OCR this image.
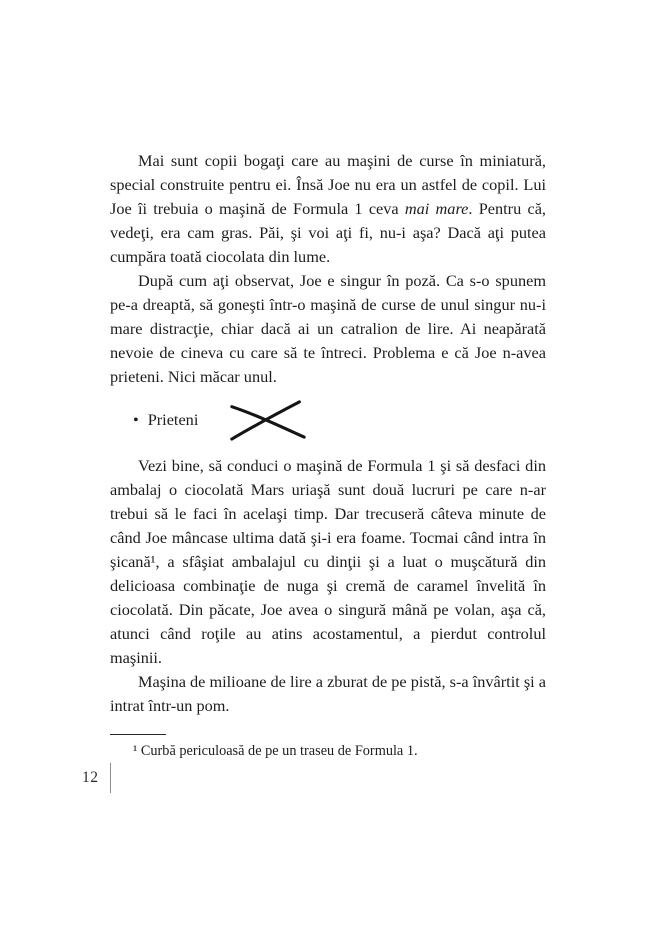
Mai sunt copii bogaţi care au maşini de curse în miniatură, special construite pentru ei. Însă Joe nu era un astfel de copil. Lui Joe îi trebuia o maşină de Formula 1 ceva mai mare. Pentru că, vedeţi, era cam gras. Păi, şi voi aţi fi, nu-i aşa? Dacă aţi putea cumpăra toată ciocolata din lume.

După cum aţi observat, Joe e singur în poză. Ca s-o spunem pe-a dreaptă, să goneşti într-o maşină de curse de unul singur nu-i mare distracţie, chiar dacă ai un catralion de lire. Ai neapărată nevoie de cineva cu care să te întreci. Problema e că Joe n-avea prieteni. Nici măcar unul.

• Prieteni

Vezi bine, să conduci o maşină de Formula 1 şi să desfaci din ambalaj o ciocolată Mars uriaşă sunt două lucruri pe care n-ar trebui să le faci în acelaşi timp. Dar trecuseră câteva minute de când Joe mâncase ultima dată şi-i era foame. Tocmai când intra în şicană¹, a sfâşiat ambalajul cu dinţii şi a luat o muşcătură din delicioasa combinaţie de nuga şi cremă de caramel învelită în ciocolată. Din păcate, Joe avea o singură mână pe volan, aşa că, atunci când roţile au atins acostamentul, a pierdut controlul maşinii.

Maşina de milioane de lire a zburat de pe pistă, s-a învârtit şi a intrat într-un pom.

¹ Curbă periculoasă de pe un traseu de Formula 1.

12
